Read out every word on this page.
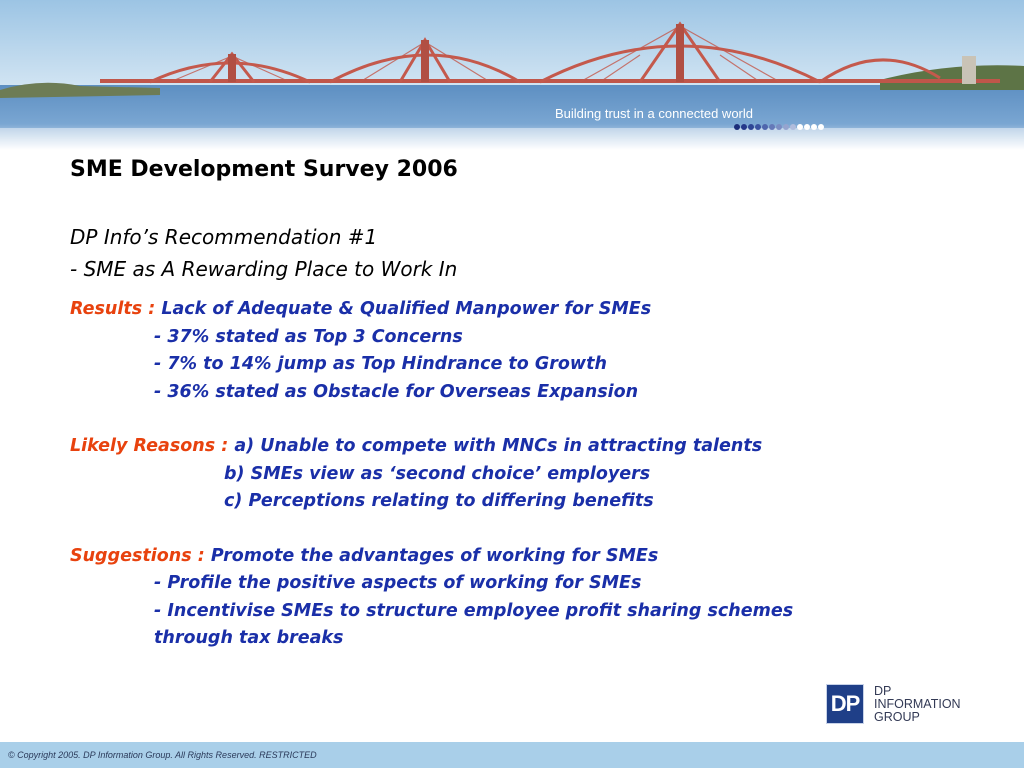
Building trust in a connected world
SME Development Survey 2006
DP Info’s Recommendation #1
- SME as A Rewarding Place to Work In
Results : Lack of Adequate & Qualified Manpower for SMEs
- 37% stated as Top 3 Concerns
- 7% to 14% jump as Top Hindrance to Growth
- 36% stated as Obstacle for Overseas Expansion
Likely Reasons : a) Unable to compete with MNCs in attracting talents
b) SMEs view as ‘second choice’ employers
c) Perceptions relating to differing benefits
Suggestions : Promote the advantages of working for SMEs
- Profile the positive aspects of working for SMEs
- Incentivise SMEs to structure employee profit sharing schemes
through tax breaks
DP
DP
INFORMATION
GROUP
© Copyright 2005. DP Information Group. All Rights Reserved. RESTRICTED
